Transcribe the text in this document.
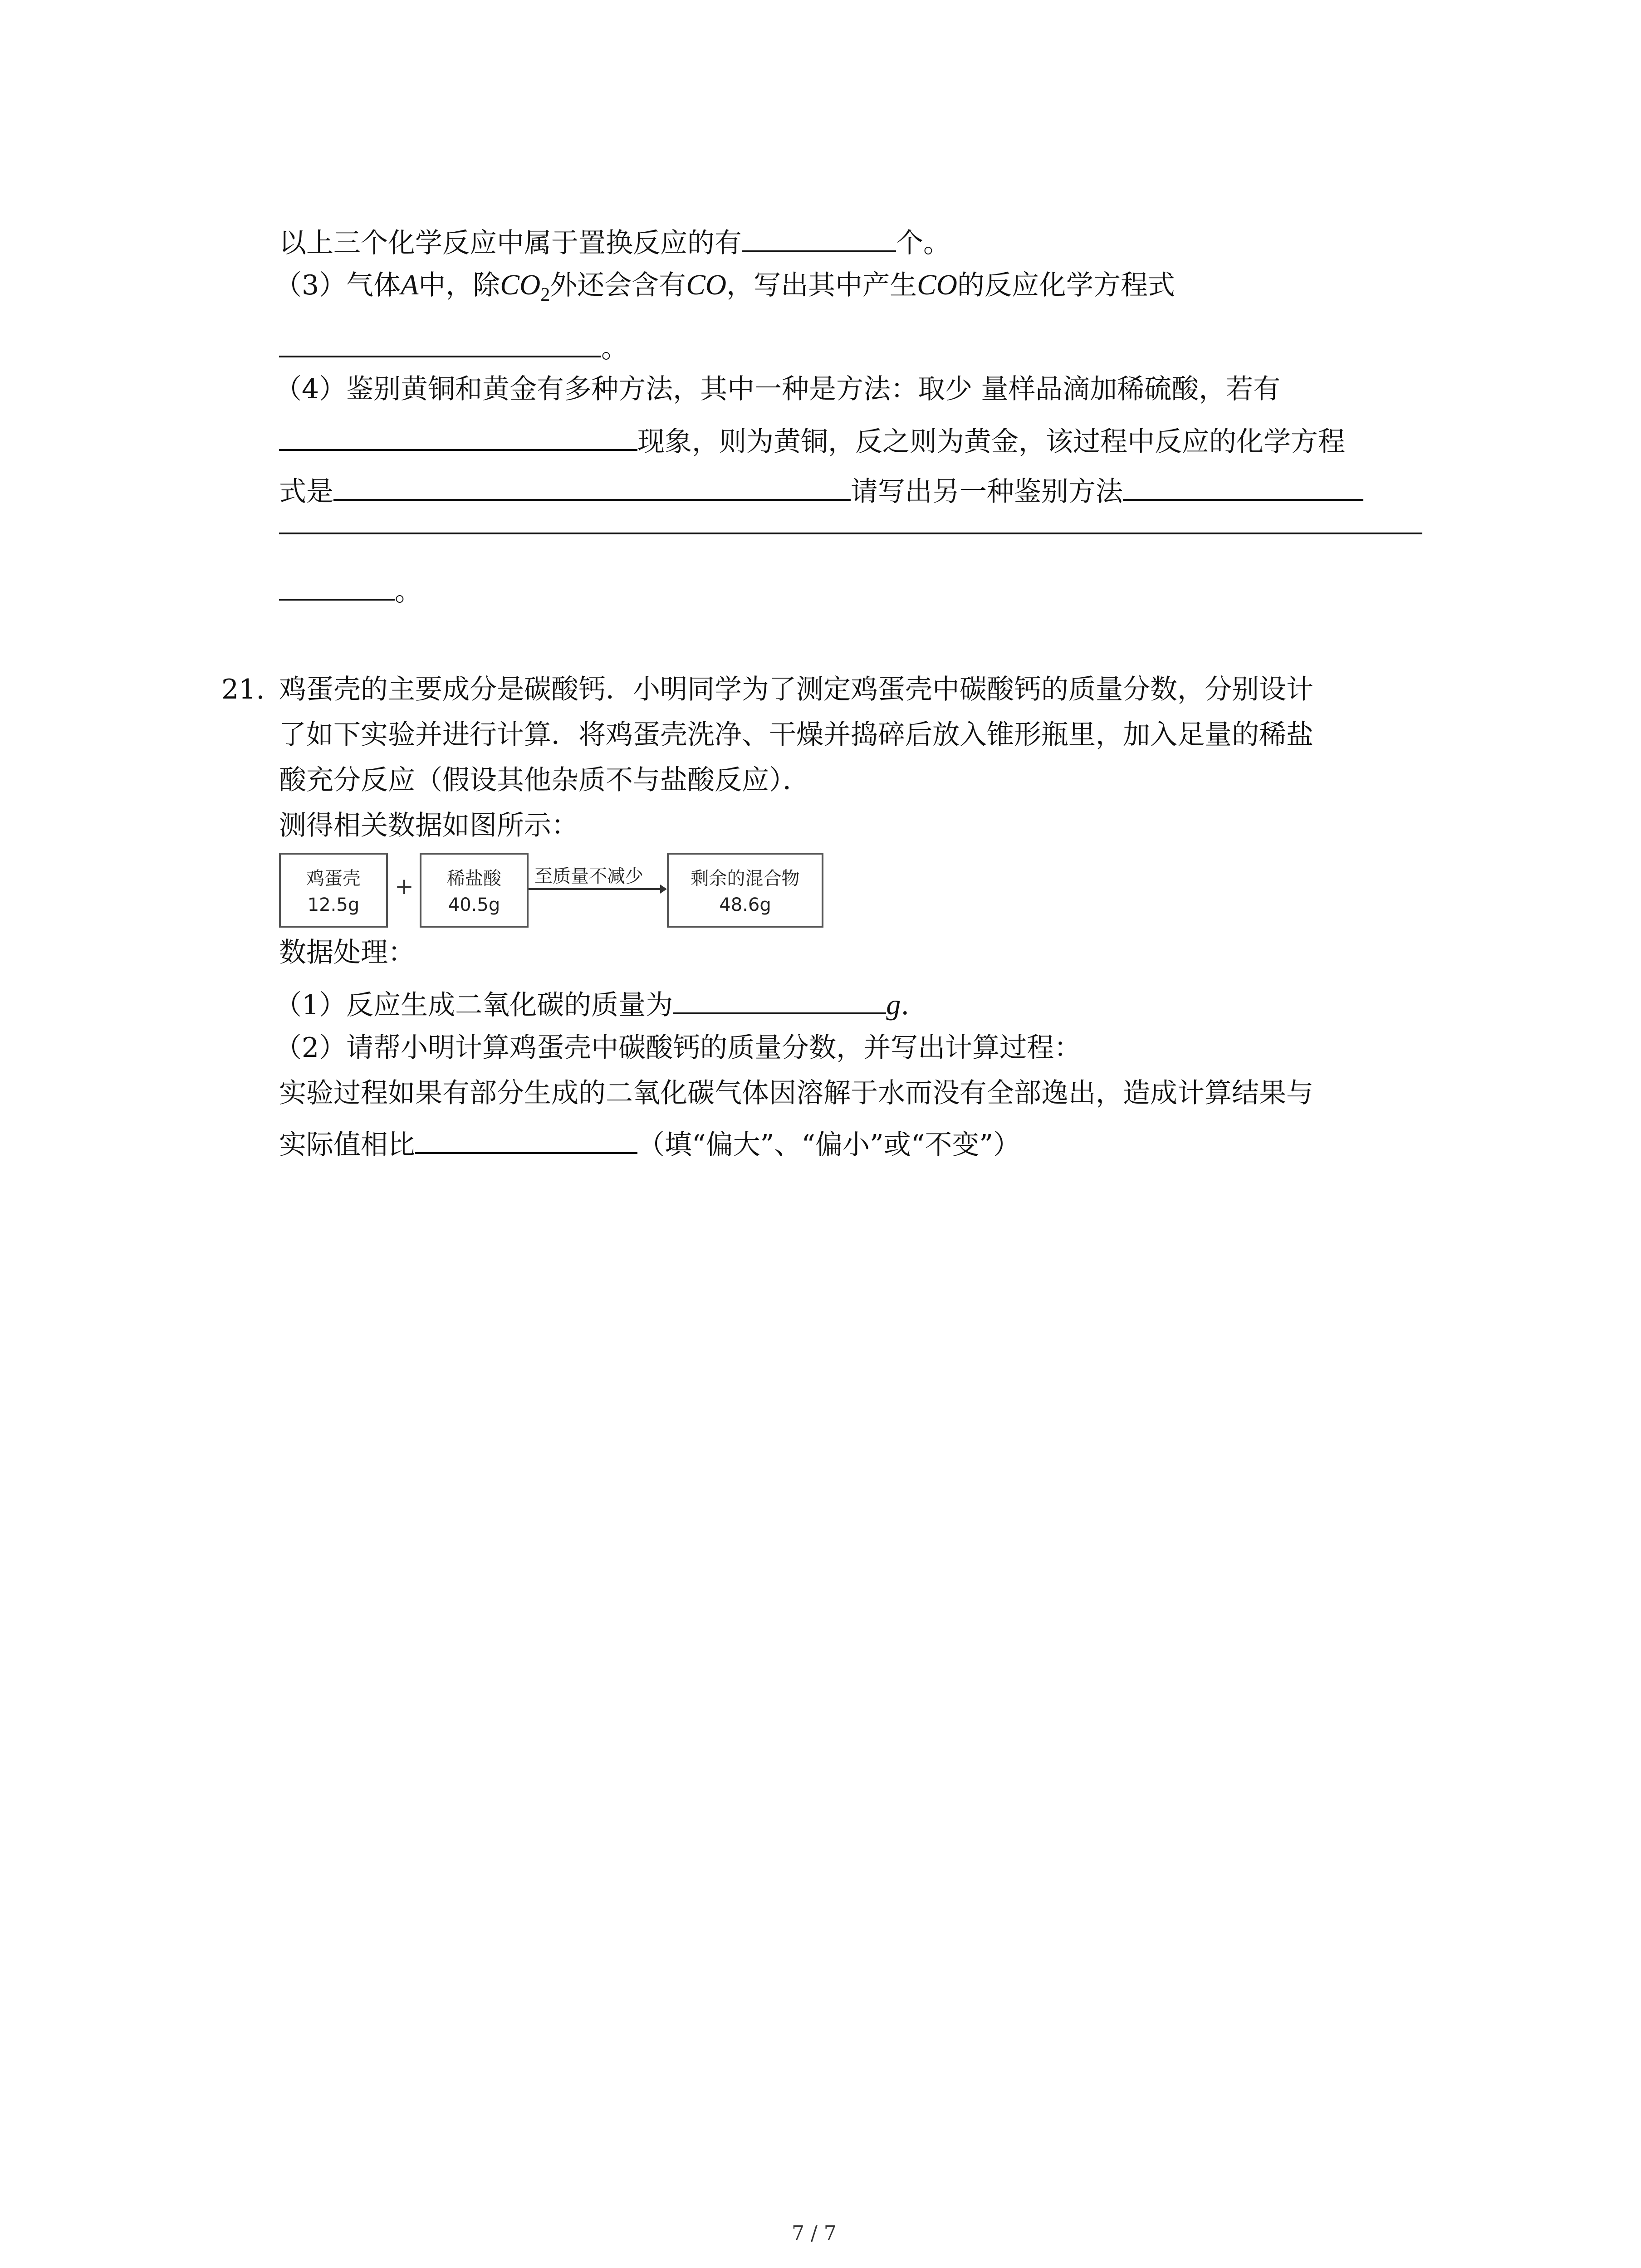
以上三个化学反应中属于置换反应的有	个。
（3）气体A中，除$CO_2$外还会含有CO，写出其中产生CO的反应化学方程式
。
（4）鉴别黄铜和黄金有多种方法，其中一种是方法：取少 量样品滴加稀硫酸，若有
现象，则为黄铜，反之则为黄金，该过程中反应的化学方程
式是	请写出另一种鉴别方法
。
21. 鸡蛋壳的主要成分是碳酸钙．小明同学为了测定鸡蛋壳中碳酸钙的质量分数，分别设计
了如下实验并进行计算．将鸡蛋壳洗净、干燥并捣碎后放入锥形瓶里，加入足量的稀盐
酸充分反应（假设其他杂质不与盐酸反应）．
测得相关数据如图所示：
鸡蛋壳
12.5g
+	稀盐酸
40.5g
至质量不减少	剩余的混合物
48.6g
数据处理：
（1）反应生成二氧化碳的质量为	g.
（2）请帮小明计算鸡蛋壳中碳酸钙的质量分数，并写出计算过程：
实验过程如果有部分生成的二氧化碳气体因溶解于水而没有全部逸出，造成计算结果与
实际值相比	（填“偏大”、“偏小”或“不变”）
7 / 7
